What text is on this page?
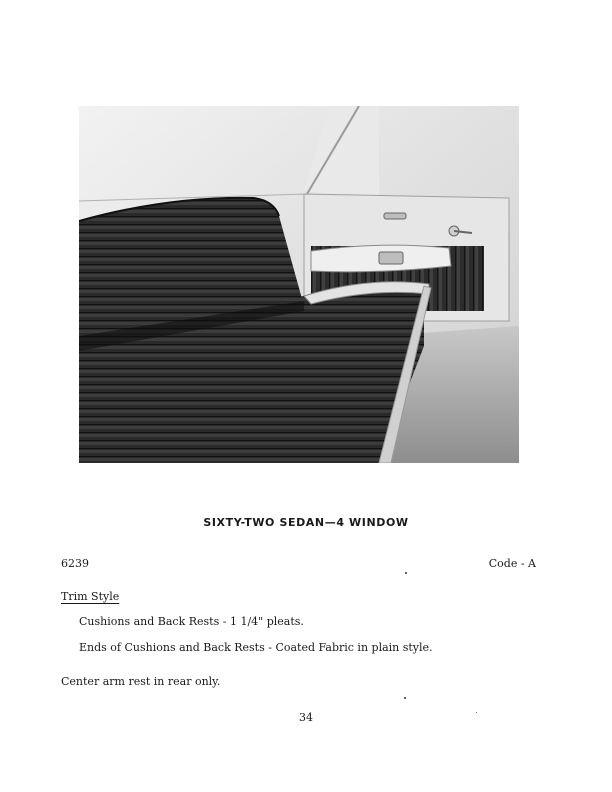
SIXTY-TWO SEDAN—4 WINDOW
6239	Code - A
Trim Style
Cushions and Back Rests - 1 1/4" pleats.
Ends of Cushions and Back Rests - Coated Fabric in plain style.
Center arm rest in rear only.
34
